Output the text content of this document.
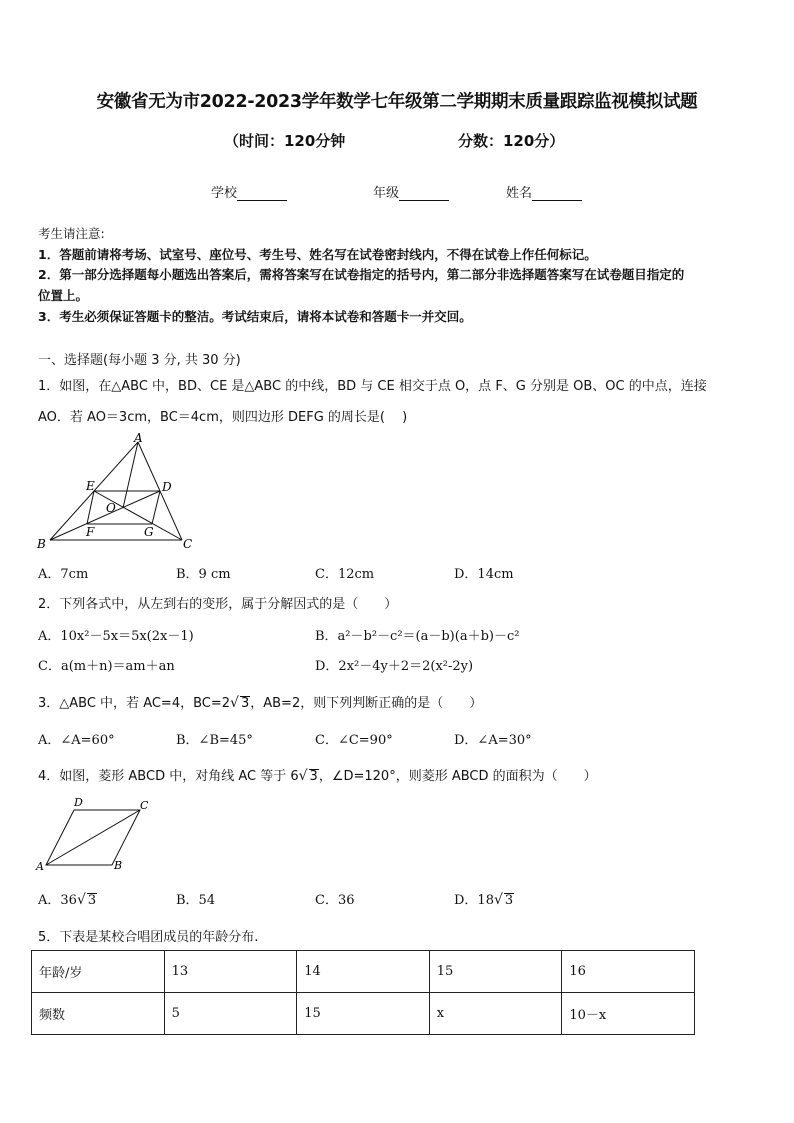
安徽省无为市2022-2023学年数学七年级第二学期期末质量跟踪监视模拟试题
（时间：120分钟	分数：120分）
学校	年级	姓名
考生请注意:
1．答题前请将考场、试室号、座位号、考生号、姓名写在试卷密封线内，不得在试卷上作任何标记。
2．第一部分选择题每小题选出答案后，需将答案写在试卷指定的括号内，第二部分非选择题答案写在试卷题目指定的
位置上。
3．考生必须保证答题卡的整洁。考试结束后，请将本试卷和答题卡一并交回。
一、选择题(每小题 3 分, 共 30 分)
1．如图，在△ABC 中，BD、CE 是△ABC 的中线，BD 与 CE 相交于点 O，点 F、G 分别是 OB、OC 的中点，连接
AO．若 AO＝3cm，BC＝4cm，则四边形 DEFG 的周长是(　 )
A
B	C
D
E
F	G
O
A．7cm	B．9 cm	C．12cm	D．14cm
2．下列各式中，从左到右的变形，属于分解因式的是（　　）
A．10x²－5x＝5x(2x－1)	B．a²－b²－c²＝(a－b)(a＋b)－c²
C．a(m＋n)＝am＋an	D．2x²－4y＋2＝2(x²-2y)
3．△ABC 中，若 AC=4，BC=2√ 3，AB=2，则下列判断正确的是（　　）
A．∠A=60°	B．∠B=45°	C．∠C=90°	D．∠A=30°
4．如图，菱形 ABCD 中，对角线 AC 等于 6√ 3，∠D=120°，则菱形 ABCD 的面积为（　　）
A	B
C
D
A．36√ 3	B．54	C．36	D．18√ 3
5．下表是某校合唱团成员的年龄分布.
年龄/岁	13	14	15	16
频数	5	15	x	10－x
